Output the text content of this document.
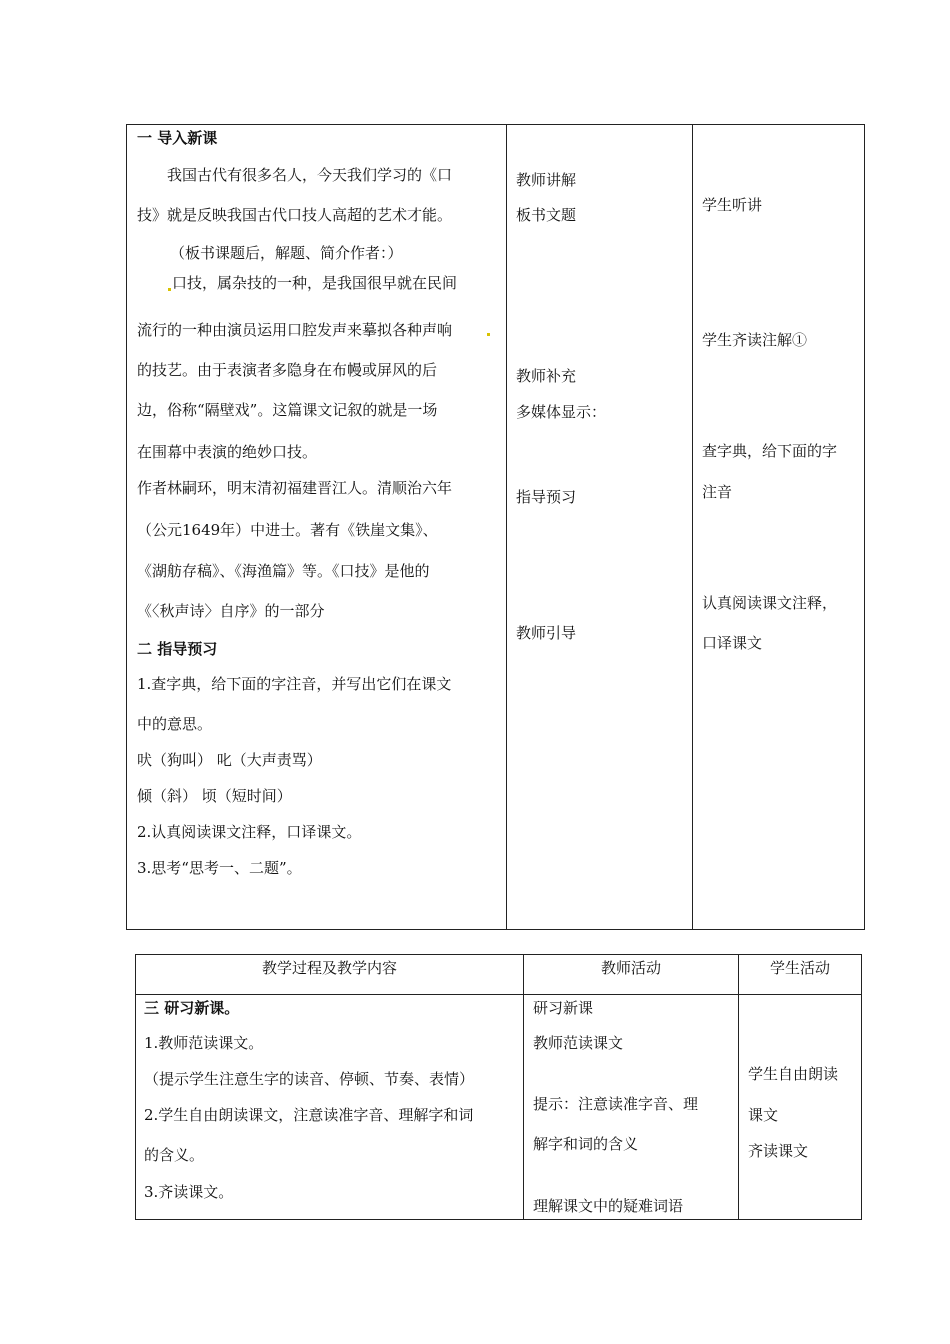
一 导入新课
我国古代有很多名人，今天我们学习的《口
技》就是反映我国古代口技人高超的艺术才能。
（板书课题后，解题、简介作者：）
口技，属杂技的一种，是我国很早就在民间
流行的一种由演员运用口腔发声来摹拟各种声响
的技艺。由于表演者多隐身在布幔或屏风的后
边，俗称“隔壁戏”。这篇课文记叙的就是一场
在围幕中表演的绝妙口技。
作者林嗣环，明末清初福建晋江人。清顺治六年
（公元1649年）中进士。著有《铁崖文集》、
《湖舫存稿》、《海渔篇》等。《口技》是他的
《〈秋声诗〉自序》的一部分
二 指导预习
1.查字典，给下面的字注音，并写出它们在课文
中的意思。
吠（狗叫） 叱（大声责骂）
倾（斜） 顷（短时间）
2.认真阅读课文注释，口译课文。
3.思考“思考一、二题”。
教师讲解
板书文题
教师补充
多媒体显示：
指导预习
教师引导
学生听讲
学生齐读注解①
查字典，给下面的字
注音
认真阅读课文注释，
口译课文
教学过程及教学内容	教师活动	学生活动
三 研习新课。
1.教师范读课文。
（提示学生注意生字的读音、停顿、节奏、表情）
2.学生自由朗读课文，注意读准字音、理解字和词
的含义。
3.齐读课文。
研习新课
教师范读课文
提示：注意读准字音、理
解字和词的含义
理解课文中的疑难词语
学生自由朗读
课文
齐读课文
